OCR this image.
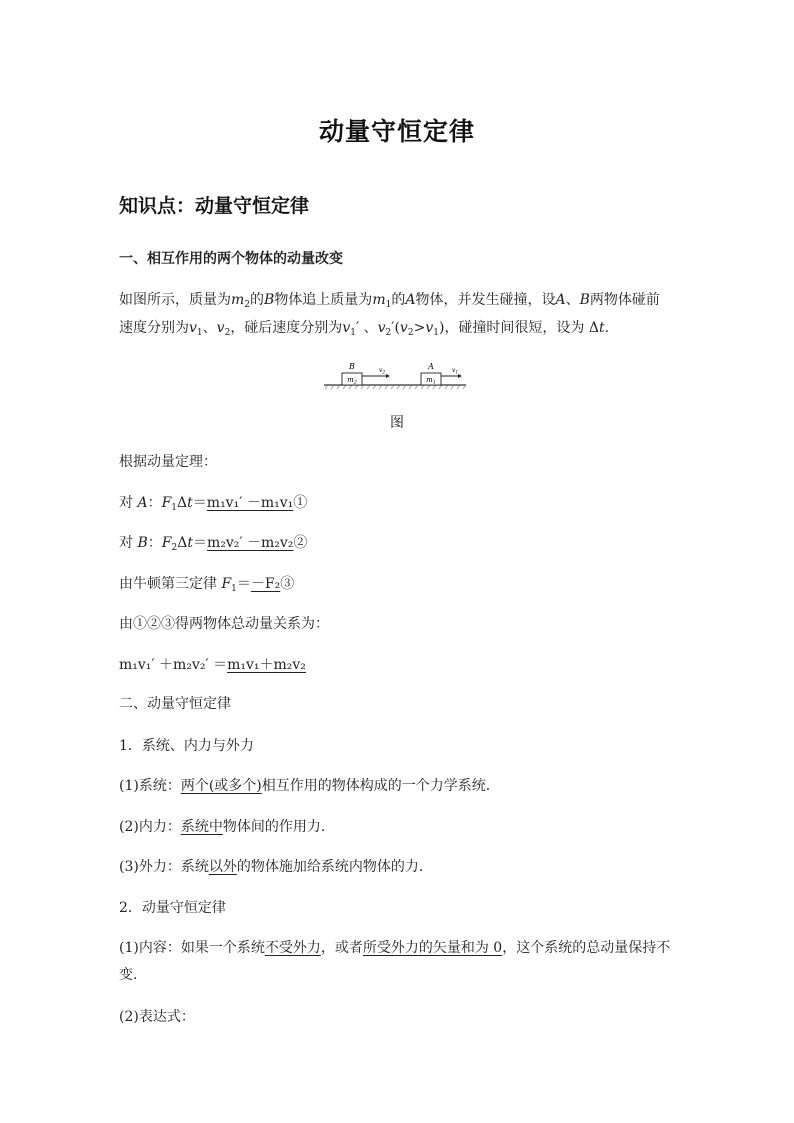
动量守恒定律
知识点：动量守恒定律
一、相互作用的两个物体的动量改变
如图所示，质量为$m_2$的B物体追上质量为$m_1$的A物体，并发生碰撞，设A、B两物体碰前
速度分别为$v_1$、$v_2$，碰后速度分别为$v_1'$ 、$v_2'(v_2>v_1)$，碰撞时间很短，设为 Δt.
$m_2$
B	$v_2$
$m_1$
A	$v_1$
图
根据动量定理：
对 A：$F_1\Delta t=m_1v_1'$ －m₁v₁①
对 B：$F_2\Delta t=m_2v_2'$ －m₂v₂②
由牛顿第三定律 $F_1=-F_2③$
由①②③得两物体总动量关系为：
m₁v₁′ ＋m₂v₂′ ＝m₁v₁＋m₂v₂
二、动量守恒定律
1．系统、内力与外力
(1)系统：两个(或多个)相互作用的物体构成的一个力学系统．
(2)内力：系统中物体间的作用力．
(3)外力：系统以外的物体施加给系统内物体的力．
2．动量守恒定律
(1)内容：如果一个系统不受外力，或者所受外力的矢量和为 0，这个系统的总动量保持不
变.
(2)表达式：
